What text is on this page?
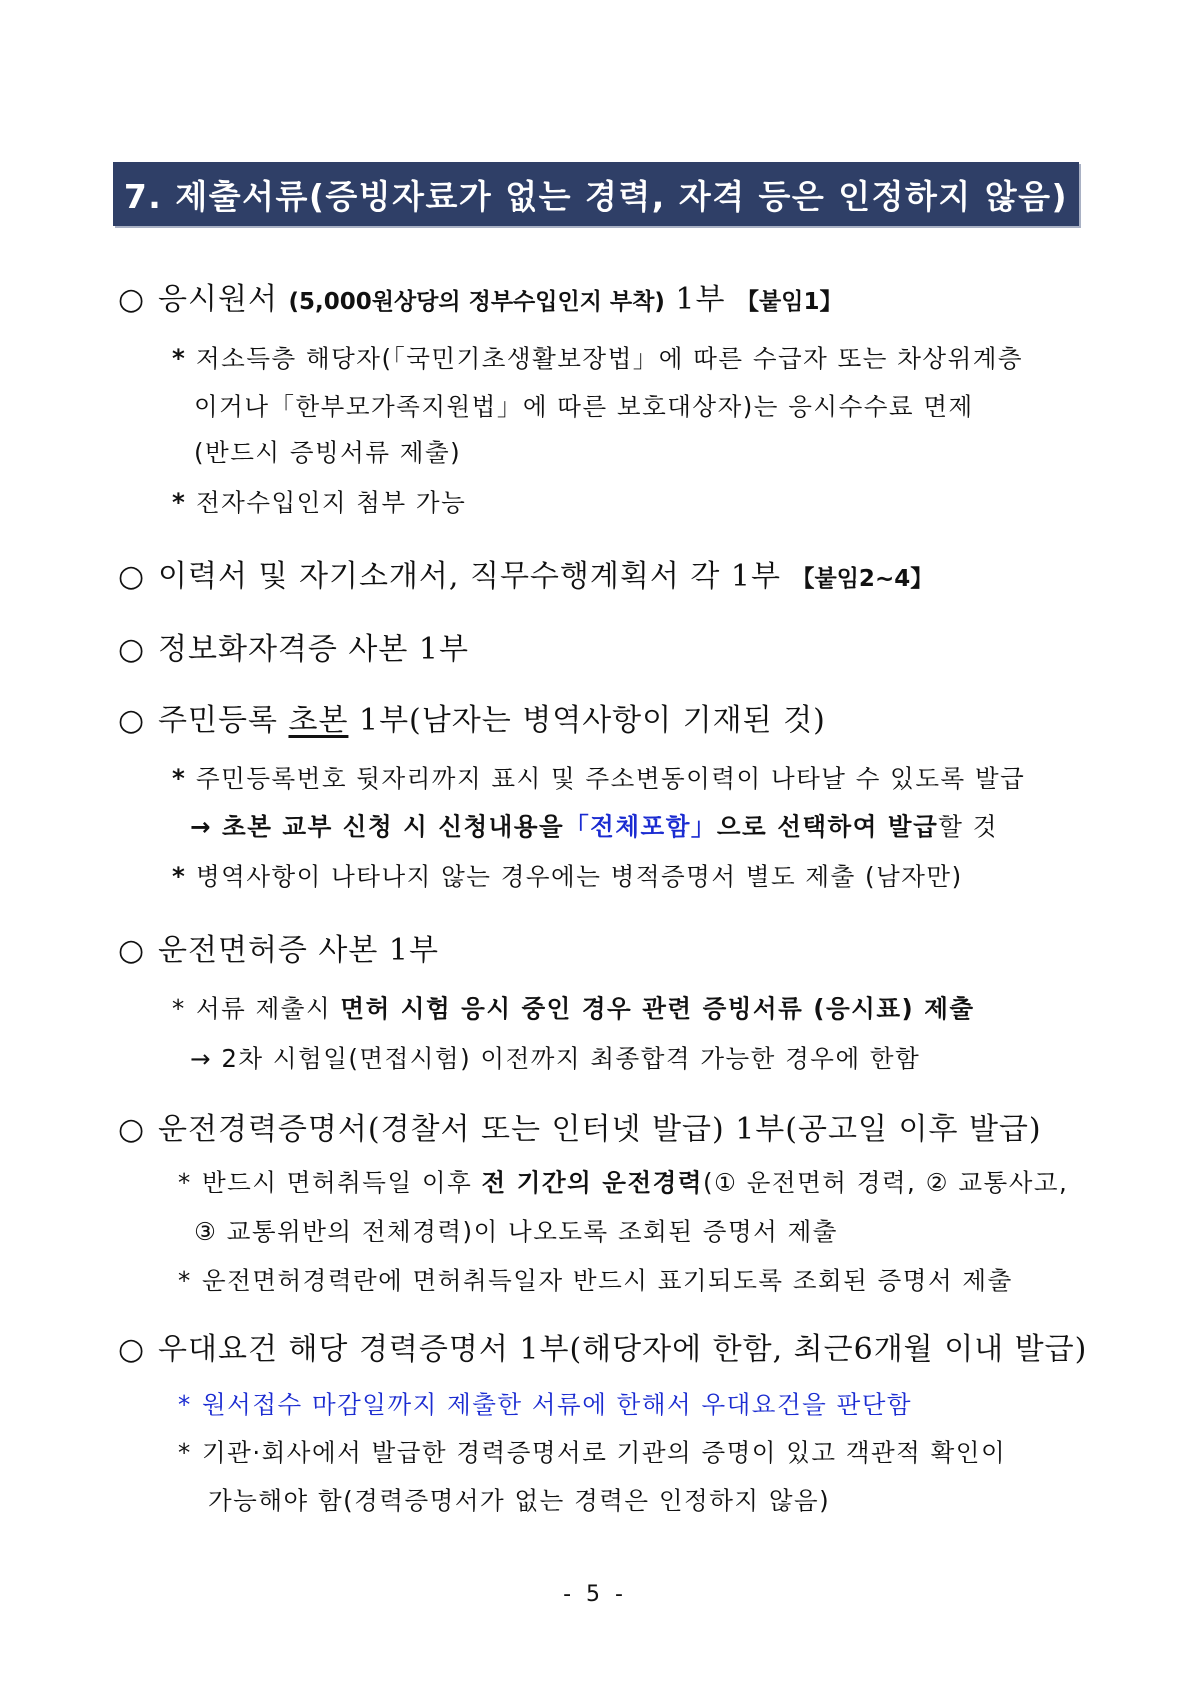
7. 제출서류(증빙자료가 없는 경력, 자격 등은 인정하지 않음)
○ 응시원서 (5,000원상당의 정부수입인지 부착) 1부 【붙임1】
* 저소득층 해당자(「국민기초생활보장법」에 따른 수급자 또는 차상위계층
이거나「한부모가족지원법」에 따른 보호대상자)는 응시수수료 면제
(반드시 증빙서류 제출)
* 전자수입인지 첨부 가능
○ 이력서 및 자기소개서, 직무수행계획서 각 1부 【붙임2~4】
○ 정보화자격증 사본 1부
○ 주민등록 초본 1부(남자는 병역사항이 기재된 것)
* 주민등록번호 뒷자리까지 표시 및 주소변동이력이 나타날 수 있도록 발급
→ 초본 교부 신청 시 신청내용을「전체포함」으로 선택하여 발급할 것
* 병역사항이 나타나지 않는 경우에는 병적증명서 별도 제출 (남자만)
○ 운전면허증 사본 1부
* 서류 제출시 면허 시험 응시 중인 경우 관련 증빙서류 (응시표) 제출
→ 2차 시험일(면접시험) 이전까지 최종합격 가능한 경우에 한함
○ 운전경력증명서(경찰서 또는 인터넷 발급) 1부(공고일 이후 발급)
* 반드시 면허취득일 이후 전 기간의 운전경력(① 운전면허 경력, ② 교통사고,
③ 교통위반의 전체경력)이 나오도록 조회된 증명서 제출
* 운전면허경력란에 면허취득일자 반드시 표기되도록 조회된 증명서 제출
○ 우대요건 해당 경력증명서 1부(해당자에 한함, 최근6개월 이내 발급)
* 원서접수 마감일까지 제출한 서류에 한해서 우대요건을 판단함
* 기관·회사에서 발급한 경력증명서로 기관의 증명이 있고 객관적 확인이
가능해야 함(경력증명서가 없는 경력은 인정하지 않음)
- 5 -
